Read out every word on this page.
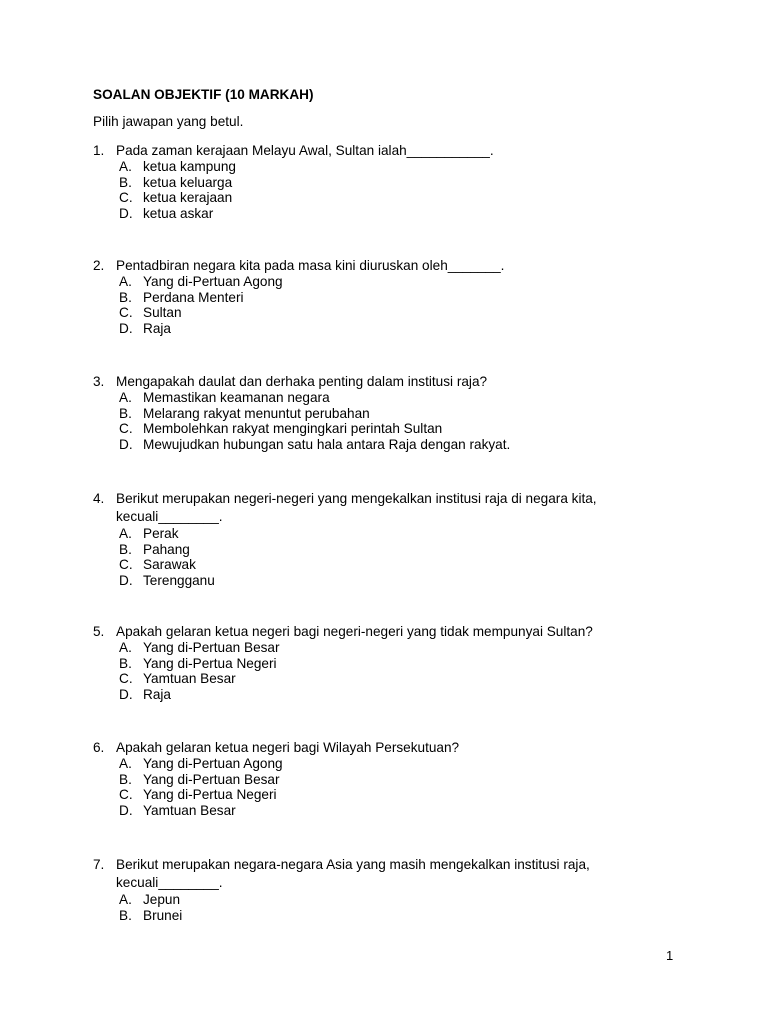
SOALAN OBJEKTIF (10 MARKAH)
Pilih jawapan yang betul.
1. Pada zaman kerajaan Melayu Awal, Sultan ialah___________.
A. ketua kampung
B. ketua keluarga
C. ketua kerajaan
D. ketua askar
2. Pentadbiran negara kita pada masa kini diuruskan oleh_______.
A. Yang di-Pertuan Agong
B. Perdana Menteri
C. Sultan
D. Raja
3. Mengapakah daulat dan derhaka penting dalam institusi raja?
A. Memastikan keamanan negara
B. Melarang rakyat menuntut perubahan
C. Membolehkan rakyat mengingkari perintah Sultan
D. Mewujudkan hubungan satu hala antara Raja dengan rakyat.
4. Berikut merupakan negeri-negeri yang mengekalkan institusi raja di negara kita, kecuali________.
A. Perak
B. Pahang
C. Sarawak
D. Terengganu
5. Apakah gelaran ketua negeri bagi negeri-negeri yang tidak mempunyai Sultan?
A. Yang di-Pertuan Besar
B. Yang di-Pertua Negeri
C. Yamtuan Besar
D. Raja
6. Apakah gelaran ketua negeri bagi Wilayah Persekutuan?
A. Yang di-Pertuan Agong
B. Yang di-Pertuan Besar
C. Yang di-Pertua Negeri
D. Yamtuan Besar
7. Berikut merupakan negara-negara Asia yang masih mengekalkan institusi raja, kecuali________.
A. Jepun
B. Brunei
1
